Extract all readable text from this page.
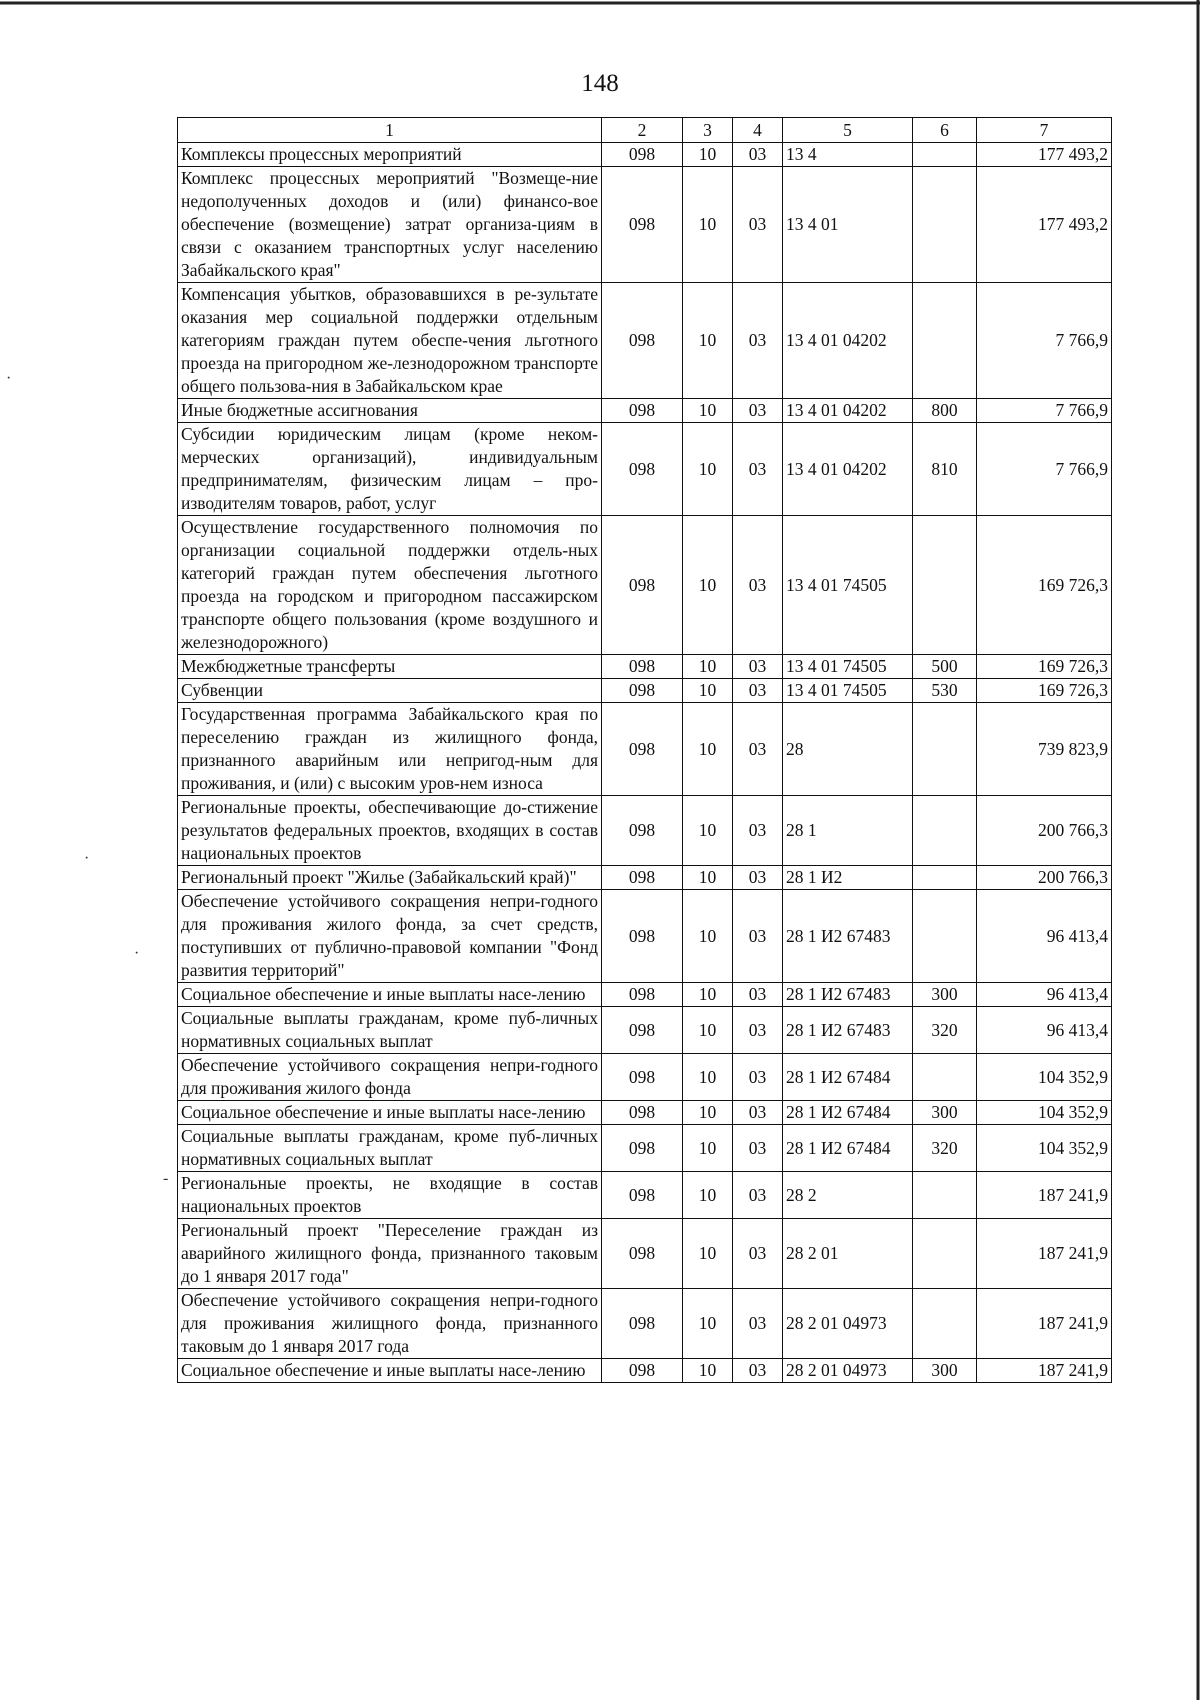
·
·
·
-
148
1	2	3	4	5	6	7
Комплексы процессных мероприятий	098	10	03	13 4		177 493,2
Комплекс процессных мероприятий "Возмеще-ние недополученных доходов и (или) финансо-вое обеспечение (возмещение) затрат организа-циям в связи с оказанием транспортных услуг населению Забайкальского края"	098	10	03	13 4 01		177 493,2
Компенсация убытков, образовавшихся в ре-зультате оказания мер социальной поддержки отдельным категориям граждан путем обеспе-чения льготного проезда на пригородном же-лезнодорожном транспорте общего пользова-ния в Забайкальском крае	098	10	03	13 4 01 04202		7 766,9
Иные бюджетные ассигнования	098	10	03	13 4 01 04202	800	7 766,9
Субсидии юридическим лицам (кроме неком-мерческих организаций), индивидуальным предпринимателям, физическим лицам – про-изводителям товаров, работ, услуг	098	10	03	13 4 01 04202	810	7 766,9
Осуществление государственного полномочия по организации социальной поддержки отдель-ных категорий граждан путем обеспечения льготного проезда на городском и пригородном пассажирском транспорте общего пользования (кроме воздушного и железнодорожного)	098	10	03	13 4 01 74505		169 726,3
Межбюджетные трансферты	098	10	03	13 4 01 74505	500	169 726,3
Субвенции	098	10	03	13 4 01 74505	530	169 726,3
Государственная программа Забайкальского края по переселению граждан из жилищного фонда, признанного аварийным или непригод-ным для проживания, и (или) с высоким уров-нем износа	098	10	03	28		739 823,9
Региональные проекты, обеспечивающие до-стижение результатов федеральных проектов, входящих в состав национальных проектов	098	10	03	28 1		200 766,3
Региональный проект "Жилье (Забайкальский край)"	098	10	03	28 1 И2		200 766,3
Обеспечение устойчивого сокращения непри-годного для проживания жилого фонда, за счет средств, поступивших от публично-правовой компании "Фонд развития территорий"	098	10	03	28 1 И2 67483		96 413,4
Социальное обеспечение и иные выплаты насе-лению	098	10	03	28 1 И2 67483	300	96 413,4
Социальные выплаты гражданам, кроме пуб-личных нормативных социальных выплат	098	10	03	28 1 И2 67483	320	96 413,4
Обеспечение устойчивого сокращения непри-годного для проживания жилого фонда	098	10	03	28 1 И2 67484		104 352,9
Социальное обеспечение и иные выплаты насе-лению	098	10	03	28 1 И2 67484	300	104 352,9
Социальные выплаты гражданам, кроме пуб-личных нормативных социальных выплат	098	10	03	28 1 И2 67484	320	104 352,9
Региональные проекты, не входящие в состав национальных проектов	098	10	03	28 2		187 241,9
Региональный проект "Переселение граждан из аварийного жилищного фонда, признанного таковым до 1 января 2017 года"	098	10	03	28 2 01		187 241,9
Обеспечение устойчивого сокращения непри-годного для проживания жилищного фонда, признанного таковым до 1 января 2017 года	098	10	03	28 2 01 04973		187 241,9
Социальное обеспечение и иные выплаты насе-лению	098	10	03	28 2 01 04973	300	187 241,9
